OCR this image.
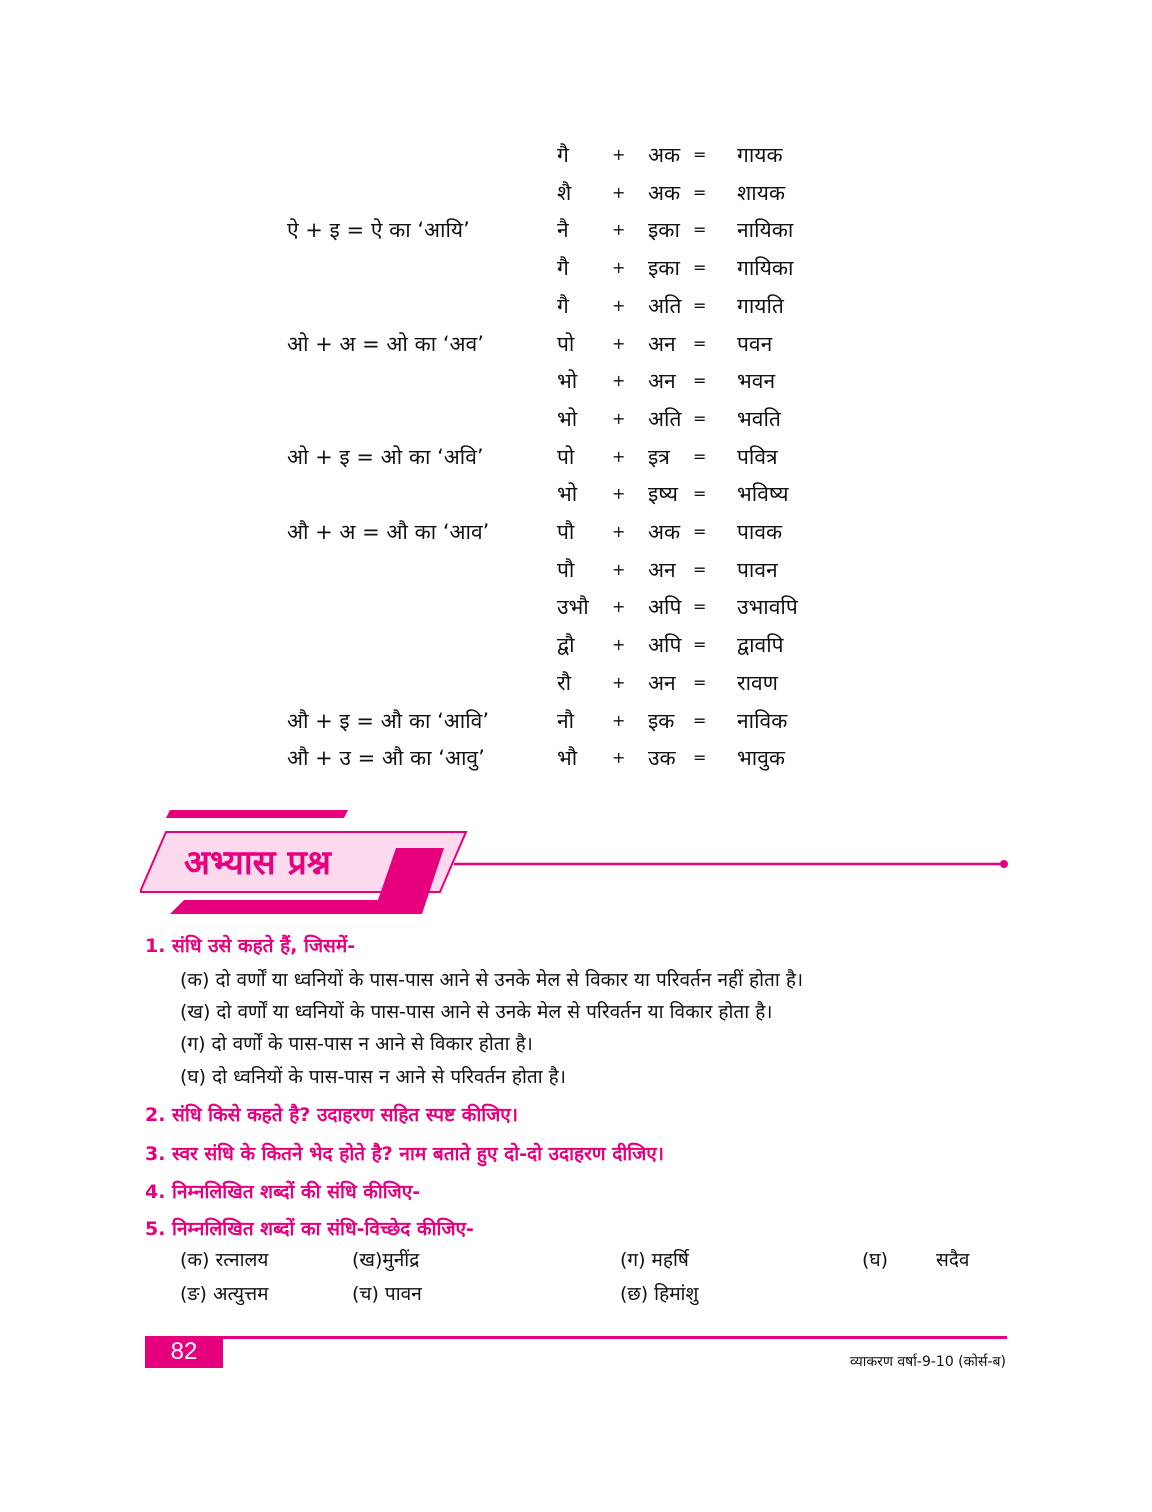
गै	+ अक = गायक
शै	+ अक = शायक
ऐ + इ = ऐ का ‘आयि’	नै	+ इका = नायिका
गै	+ इका = गायिका
गै	+ अति = गायति
ओ + अ = ओ का ‘अव’	पो + अन = पवन
भो + अन = भवन
भो + अति = भवति
ओ + इ = ओ का ‘अवि’	पो + इत्र = पवित्र
भो + इष्य = भविष्य
औ + अ = औ का ‘आव’	पौ + अक = पावक
पौ + अन = पावन
उभौ + अपि = उभावपि
द्वौ + अपि = द्वावपि
रौ	+ अन = रावण
औ + इ = औ का ‘आवि’	नौ + इक = नाविक
औ + उ = औ का ‘आवु’	भौ + उक = भावुक
अभ्यास प्रश्न
1. संधि उसे कहते हैं, जिसमें-
(क) दो वर्णों या ध्वनियों के पास-पास आने से उनके मेल से विकार या परिवर्तन नहीं होता है।
(ख) दो वर्णों या ध्वनियों के पास-पास आने से उनके मेल से परिवर्तन या विकार होता है।
(ग) दो वर्णों के पास-पास न आने से विकार होता है।
(घ) दो ध्वनियों के पास-पास न आने से परिवर्तन होता है।
2. संधि किसे कहते है? उदाहरण सहित स्पष्ट कीजिए।
3. स्वर संधि के कितने भेद होते है? नाम बताते हुए दो-दो उदाहरण दीजिए।
4. निम्नलिखित शब्दों की संधि कीजिए-
5. निम्नलिखित शब्दों का संधि-विच्छेद कीजिए-
(क) रत्नालय	(ख)मुनींद्र	(ग) महर्षि	(घ)	सदैव
(ङ) अत्युत्तम	(च) पावन	(छ) हिमांशु
82	व्याकरण वर्षा-9-10 (कोर्स-ब)
